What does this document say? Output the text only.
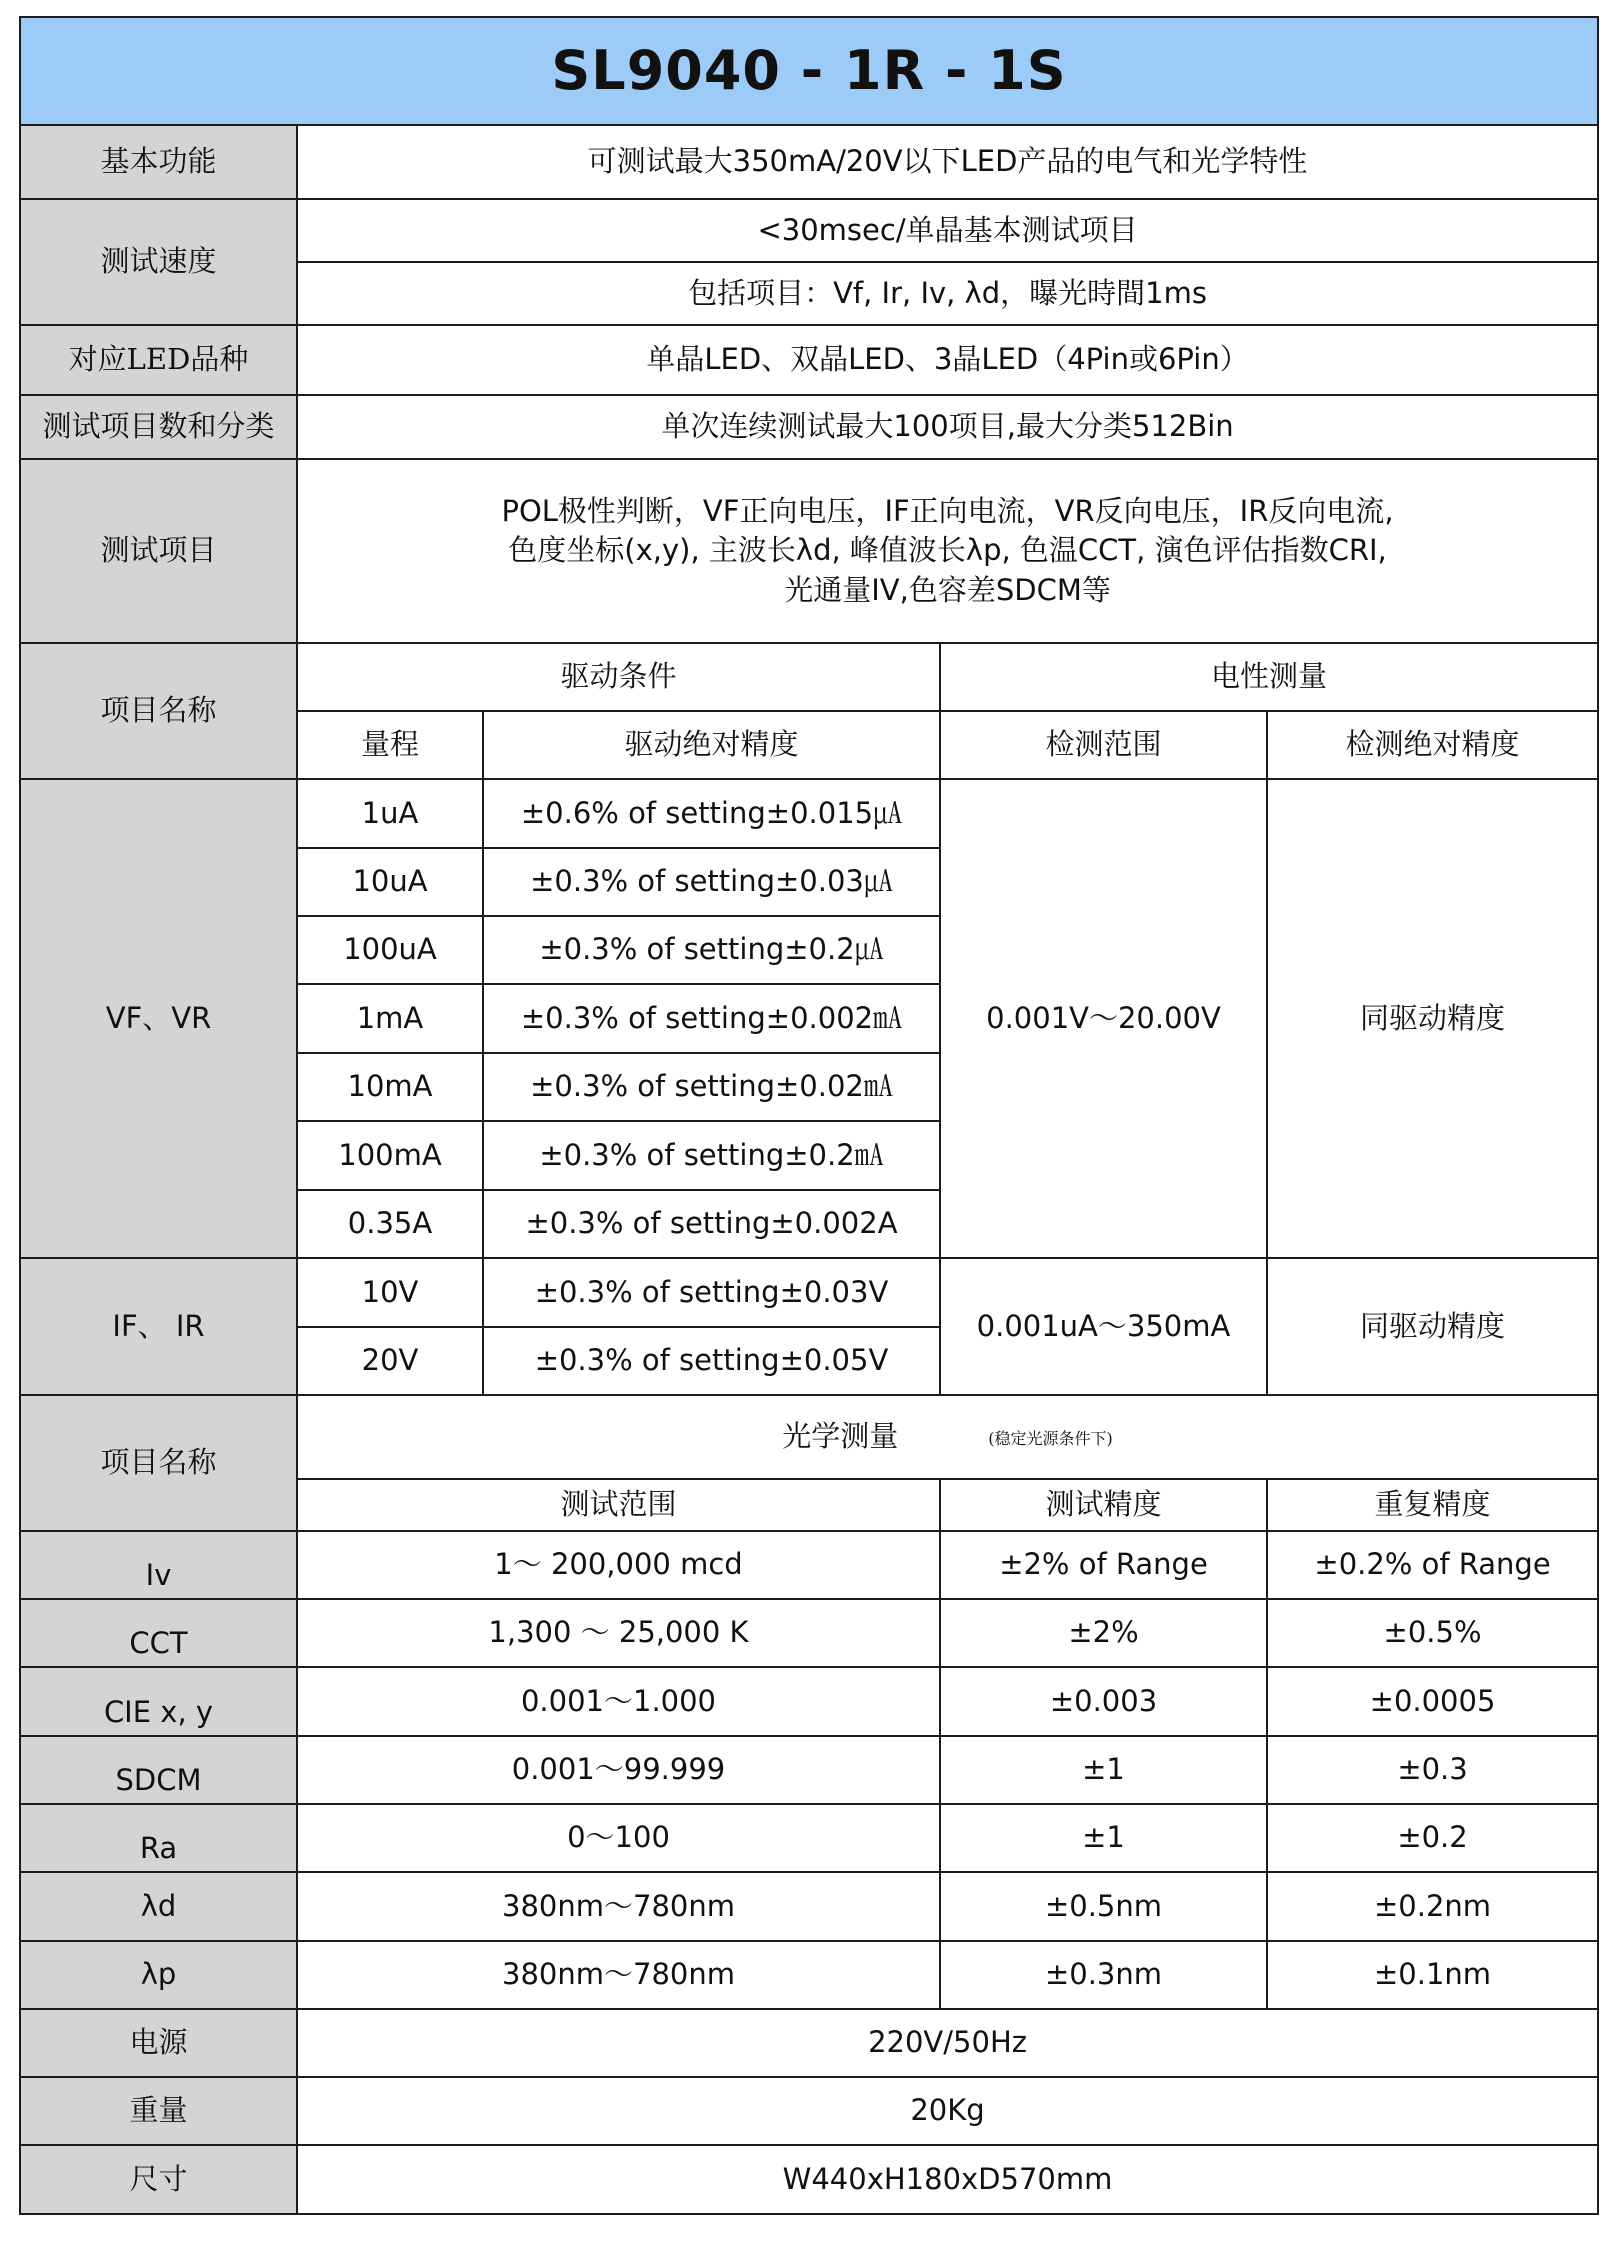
SL9040 - 1R - 1S				
基本功能	可测试最大350mA/20V以下LED产品的电气和光学特性			
测试速度	<30msec/单晶基本测试项目			
	包括项目：Vf, Ir, Iv, λd，曝光時間1ms			
对应LED品种	单晶LED、双晶LED、3晶LED（4Pin或6Pin）			
测试项目数和分类	单次连续测试最大100项目,最大分类512Bin			
测试项目	POL极性判断，VF正向电压，IF正向电流，VR反向电压，IR反向电流,
色度坐标(x,y), 主波长λd, 峰值波长λp, 色温CCT, 演色评估指数CRI,
光通量IV,色容差SDCM等			

项目名称	驱动条件		电性测量	
	量程	驱动绝对精度	检测范围	检测绝对精度
VF、VR	1uA	±0.6% of setting±0.015㎂	0.001V～20.00V	同驱动精度
	10uA	±0.3% of setting±0.03㎂		
	100uA	±0.3% of setting±0.2㎂		
	1mA	±0.3% of setting±0.002㎃		
	10mA	±0.3% of setting±0.02㎃		
	100mA	±0.3% of setting±0.2㎃		
	0.35A	±0.3% of setting±0.002A		
IF、 IR	10V	±0.3% of setting±0.03V	0.001uA～350mA	同驱动精度
	20V	±0.3% of setting±0.05V		
项目名称	光学测量 (稳定光源条件下)			
	测试范围		测试精度	重复精度
Iv	1～ 200,000 mcd		±2% of Range	±0.2% of Range
CCT	1,300 ～ 25,000 K		±2%	±0.5%
CIE x, y	0.001～1.000		±0.003	±0.0005
SDCM	0.001～99.999		±1	±0.3
Ra	0～100		±1	±0.2
λd	380nm～780nm		±0.5nm	±0.2nm
λp	380nm～780nm		±0.3nm	±0.1nm
电源	220V/50Hz			
重量	20Kg			
尺寸	W440xH180xD570mm			
